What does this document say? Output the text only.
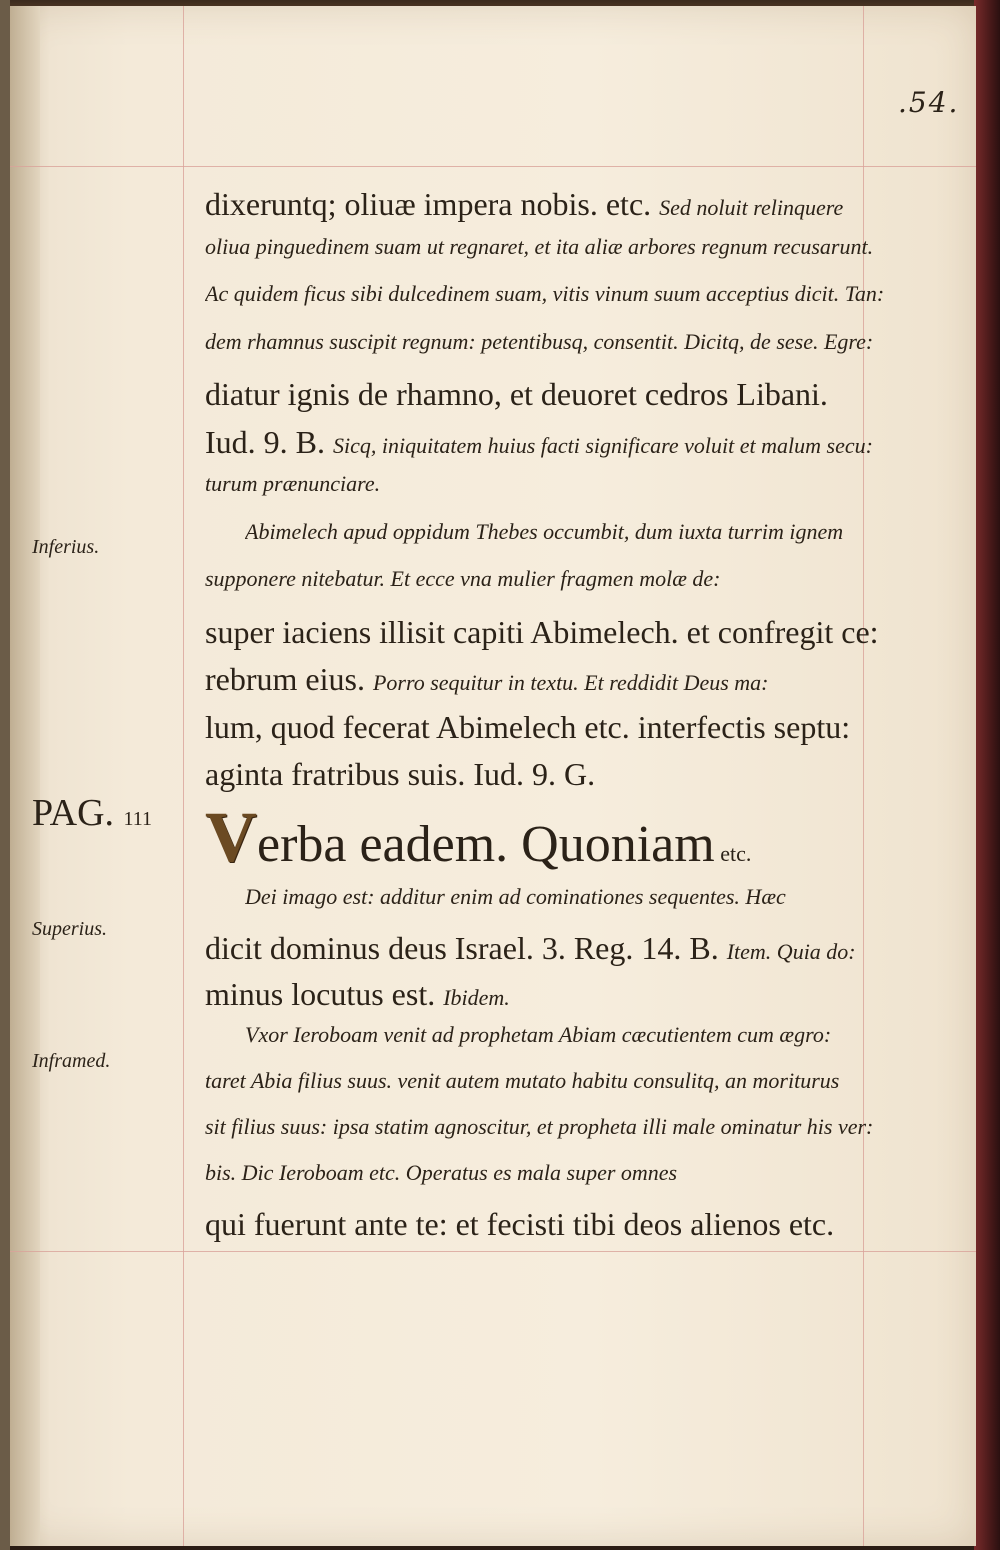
.54.
Inferius.
Superius.
Inframed.
PAG. 111
dixeruntq; oliuæ impera nobis. etc. Sed noluit relinquere
oliua pinguedinem suam ut regnaret, et ita aliæ arbores regnum recusarunt.
Ac quidem ficus sibi dulcedinem suam, vitis vinum suum acceptius dicit. Tan:
dem rhamnus suscipit regnum: petentibusq, consentit. Dicitq, de sese. Egre:
diatur ignis de rhamno, et deuoret cedros Libani.
Iud. 9. B. Sicq, iniquitatem huius facti significare voluit et malum secu:
turum prænunciare.
Abimelech apud oppidum Thebes occumbit, dum iuxta turrim ignem
supponere nitebatur. Et ecce vna mulier fragmen molæ de:
super iaciens illisit capiti Abimelech. et confregit ce:
rebrum eius. Porro sequitur in textu. Et reddidit Deus ma:
lum, quod fecerat Abimelech etc. interfectis septu:
aginta fratribus suis. Iud. 9. G.
Verba eadem. Quoniam etc.
Dei imago est: additur enim ad cominationes sequentes. Hæc
dicit dominus deus Israel. 3. Reg. 14. B. Item. Quia do:
minus locutus est. Ibidem.
Vxor Ieroboam venit ad prophetam Abiam cæcutientem cum ægro:
taret Abia filius suus. venit autem mutato habitu consulitq, an moriturus
sit filius suus: ipsa statim agnoscitur, et propheta illi male ominatur his ver:
bis. Dic Ieroboam etc. Operatus es mala super omnes
qui fuerunt ante te: et fecisti tibi deos alienos etc.
